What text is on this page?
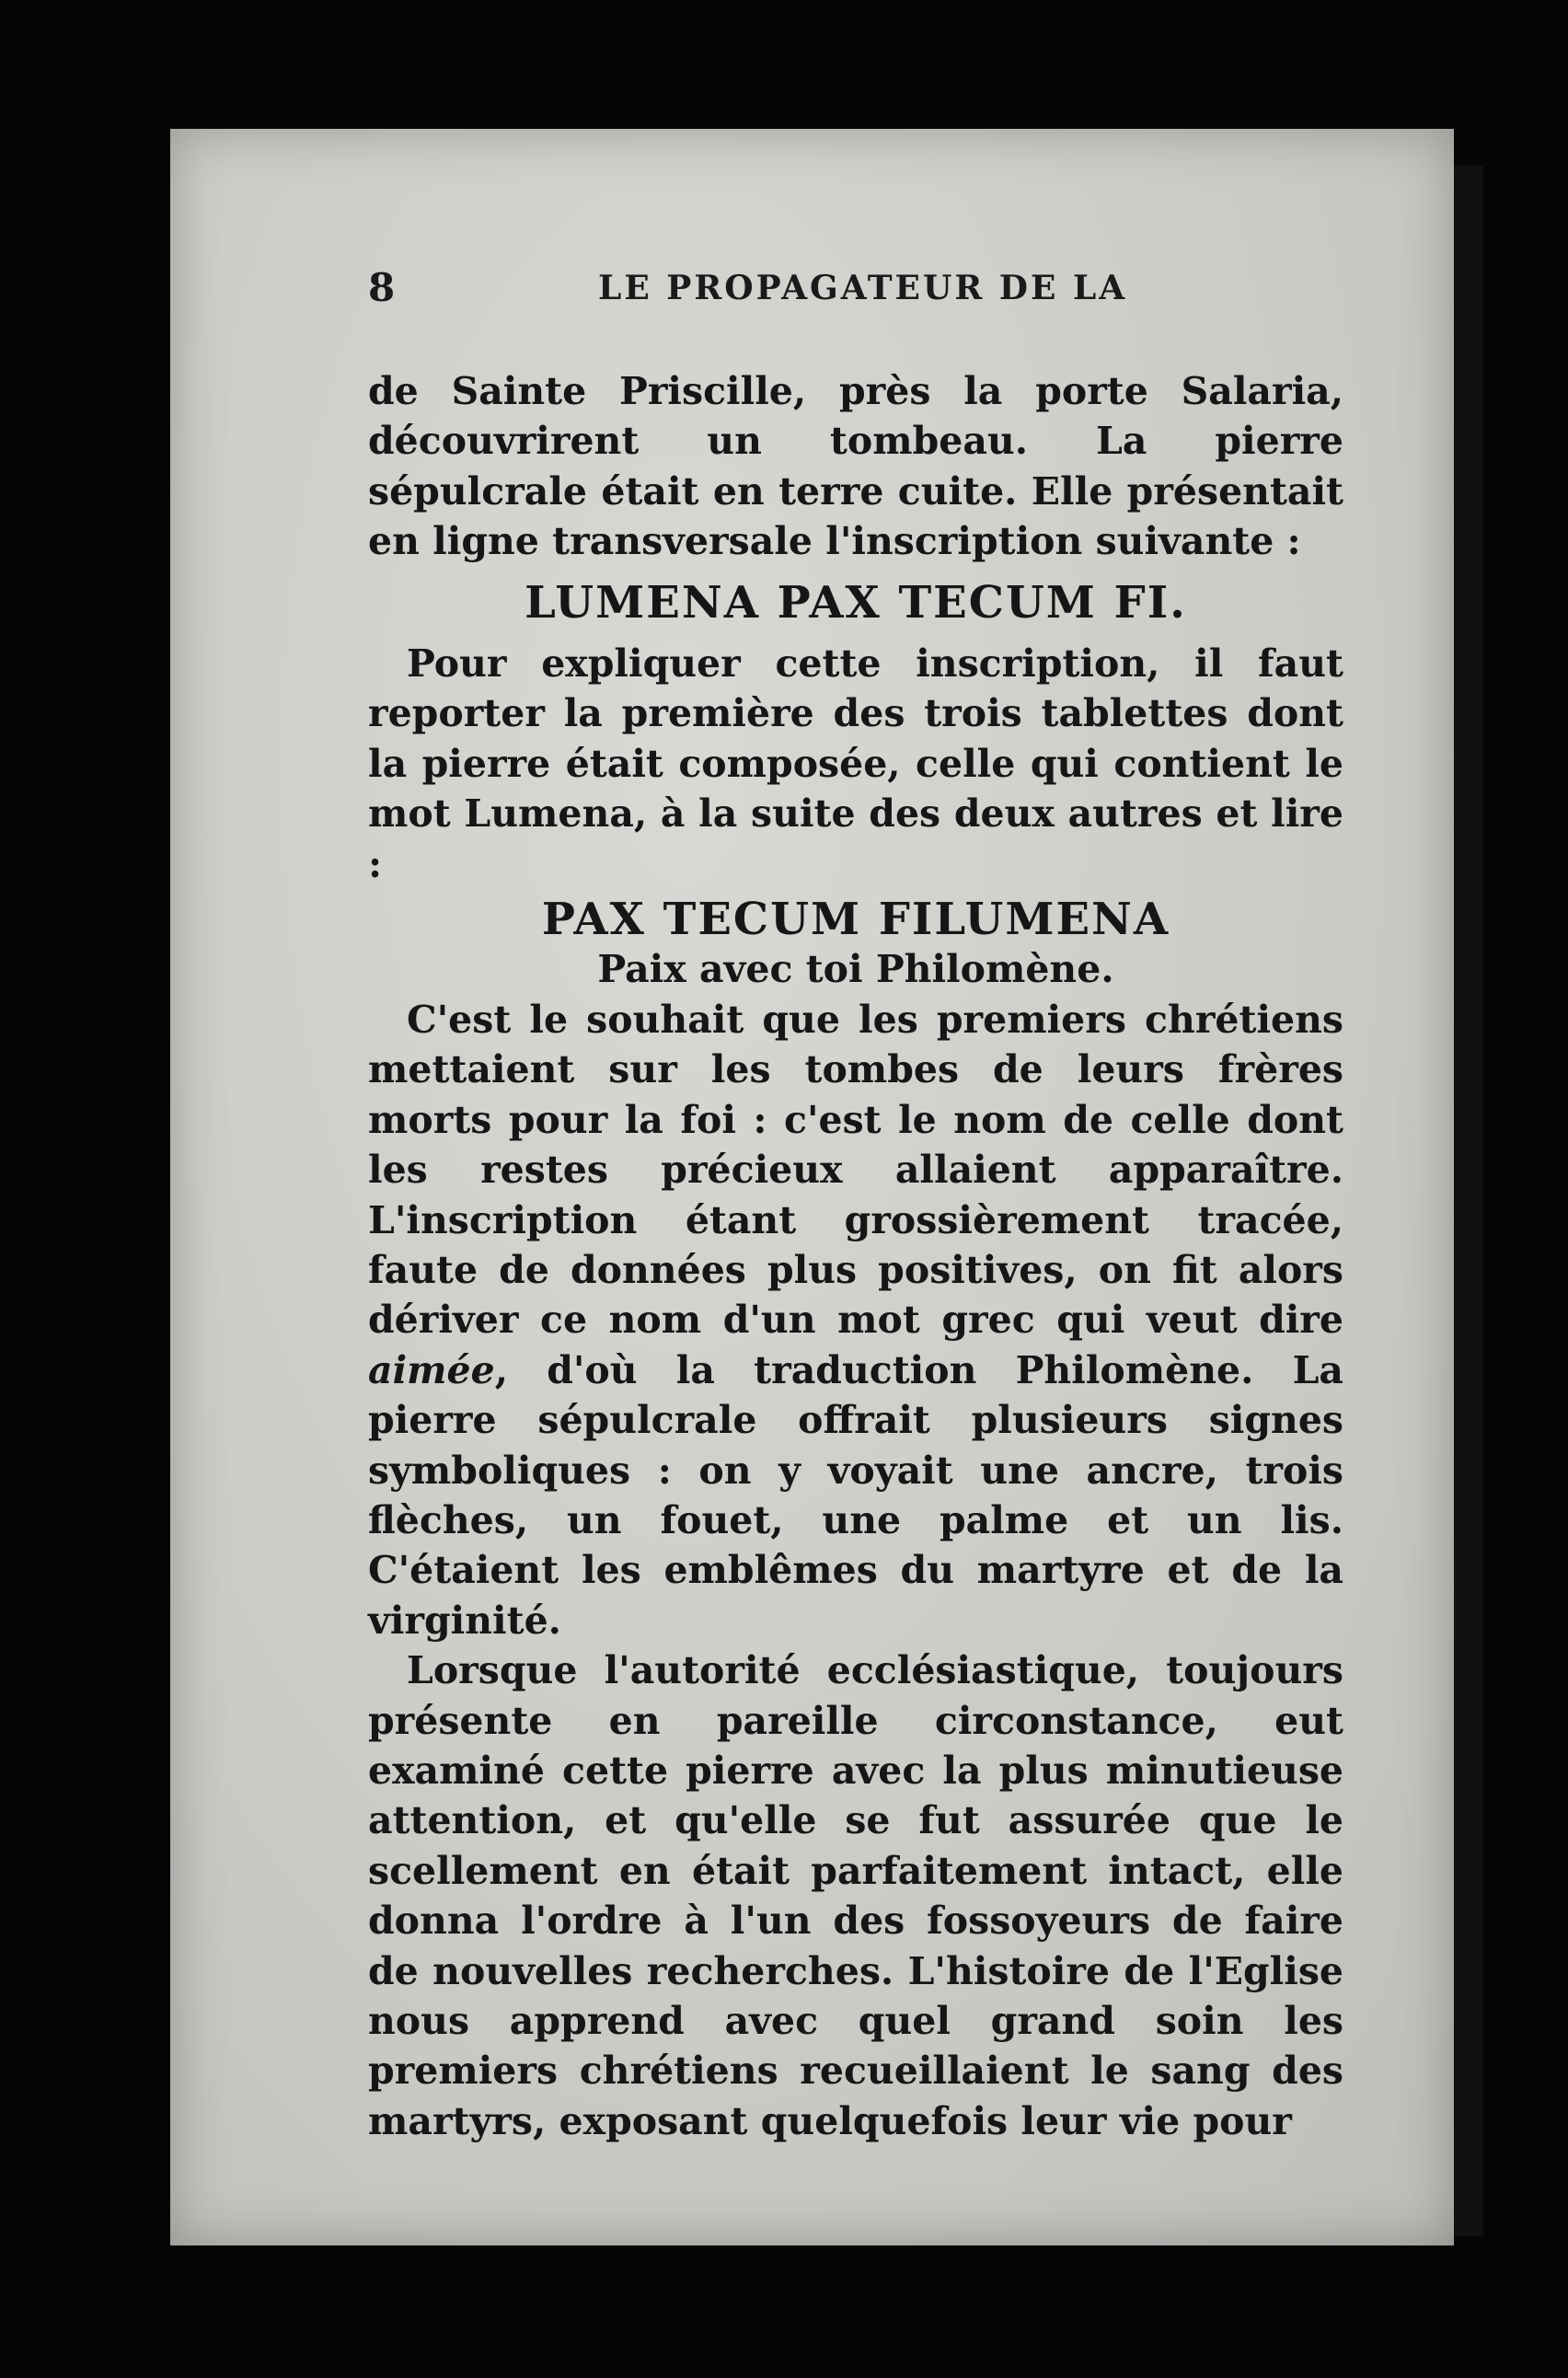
8	LE PROPAGATEUR DE LA

de Sainte Priscille, près la porte Salaria, découvrirent un tombeau. La pierre sépulcrale était en terre cuite. Elle présentait en ligne transversale l'inscription suivante :

LUMENA PAX TECUM FI.

Pour expliquer cette inscription, il faut reporter la première des trois tablettes dont la pierre était composée, celle qui contient le mot Lumena, à la suite des deux autres et lire :

PAX TECUM FILUMENA

Paix avec toi Philomène.

C'est le souhait que les premiers chrétiens mettaient sur les tombes de leurs frères morts pour la foi : c'est le nom de celle dont les restes précieux allaient apparaître. L'inscription étant grossièrement tracée, faute de données plus positives, on fit alors dériver ce nom d'un mot grec qui veut dire aimée, d'où la traduction Philomène. La pierre sépulcrale offrait plusieurs signes symboliques : on y voyait une ancre, trois flèches, un fouet, une palme et un lis. C'étaient les emblêmes du martyre et de la virginité.

Lorsque l'autorité ecclésiastique, toujours présente en pareille circonstance, eut examiné cette pierre avec la plus minutieuse attention, et qu'elle se fut assurée que le scellement en était parfaitement intact, elle donna l'ordre à l'un des fossoyeurs de faire de nouvelles recherches. L'histoire de l'Eglise nous apprend avec quel grand soin les premiers chrétiens recueillaient le sang des martyrs, exposant quelquefois leur vie pour
